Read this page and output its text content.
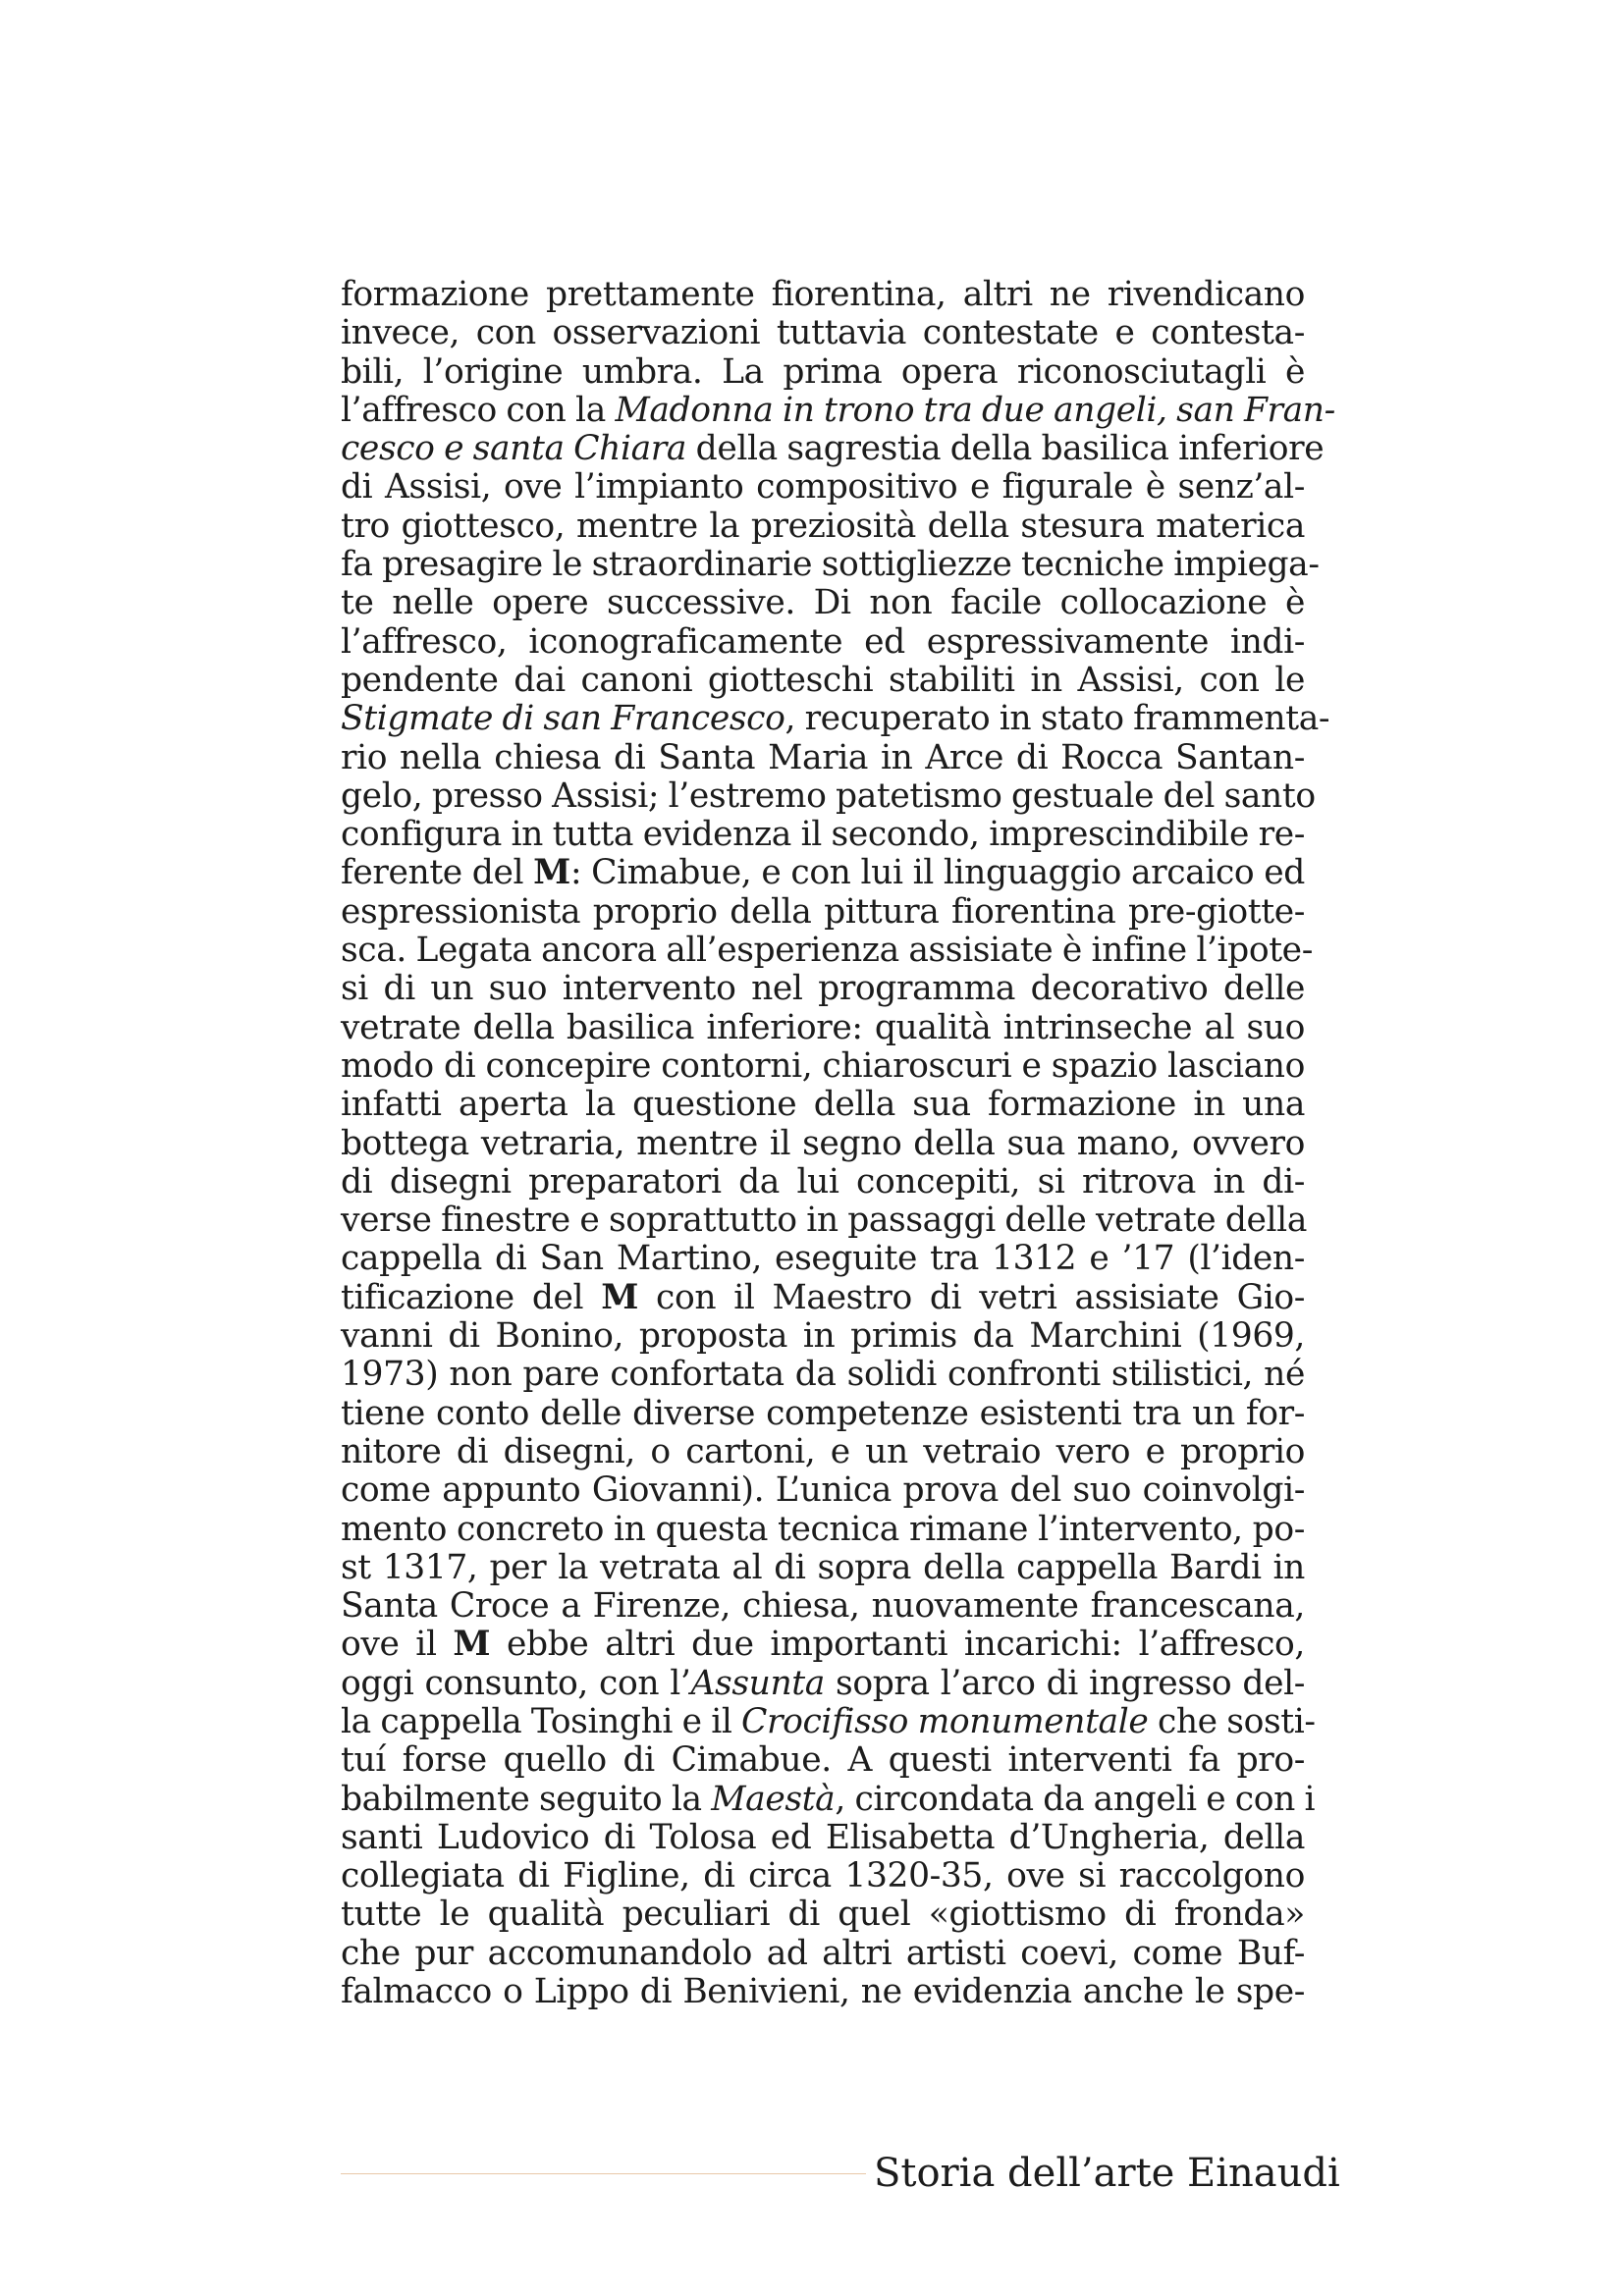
formazione prettamente fiorentina, altri ne rivendicano
invece, con osservazioni tuttavia contestate e contesta-
bili, l’origine umbra. La prima opera riconosciutagli è
l’affresco con la Madonna in trono tra due angeli, san Fran-
cesco e santa Chiara della sagrestia della basilica inferiore
di Assisi, ove l’impianto compositivo e figurale è senz’al-
tro giottesco, mentre la preziosità della stesura materica
fa presagire le straordinarie sottigliezze tecniche impiega-
te nelle opere successive. Di non facile collocazione è
l’affresco, iconograficamente ed espressivamente indi-
pendente dai canoni giotteschi stabiliti in Assisi, con le
Stigmate di san Francesco, recuperato in stato frammenta-
rio nella chiesa di Santa Maria in Arce di Rocca Santan-
gelo, presso Assisi; l’estremo patetismo gestuale del santo
configura in tutta evidenza il secondo, imprescindibile re-
ferente del M: Cimabue, e con lui il linguaggio arcaico ed
espressionista proprio della pittura fiorentina pre-giotte-
sca. Legata ancora all’esperienza assisiate è infine l’ipote-
si di un suo intervento nel programma decorativo delle
vetrate della basilica inferiore: qualità intrinseche al suo
modo di concepire contorni, chiaroscuri e spazio lasciano
infatti aperta la questione della sua formazione in una
bottega vetraria, mentre il segno della sua mano, ovvero
di disegni preparatori da lui concepiti, si ritrova in di-
verse finestre e soprattutto in passaggi delle vetrate della
cappella di San Martino, eseguite tra 1312 e ’17 (l’iden-
tificazione del M con il Maestro di vetri assisiate Gio-
vanni di Bonino, proposta in primis da Marchini (1969,
1973) non pare confortata da solidi confronti stilistici, né
tiene conto delle diverse competenze esistenti tra un for-
nitore di disegni, o cartoni, e un vetraio vero e proprio
come appunto Giovanni). L’unica prova del suo coinvolgi-
mento concreto in questa tecnica rimane l’intervento, po-
st 1317, per la vetrata al di sopra della cappella Bardi in
Santa Croce a Firenze, chiesa, nuovamente francescana,
ove il M ebbe altri due importanti incarichi: l’affresco,
oggi consunto, con l’Assunta sopra l’arco di ingresso del-
la cappella Tosinghi e il Crocifisso monumentale che sosti-
tuí forse quello di Cimabue. A questi interventi fa pro-
babilmente seguito la Maestà, circondata da angeli e con i
santi Ludovico di Tolosa ed Elisabetta d’Ungheria, della
collegiata di Figline, di circa 1320-35, ove si raccolgono
tutte le qualità peculiari di quel «giottismo di fronda»
che pur accomunandolo ad altri artisti coevi, come Buf-
falmacco o Lippo di Benivieni, ne evidenzia anche le spe-
Storia dell’arte Einaudi
